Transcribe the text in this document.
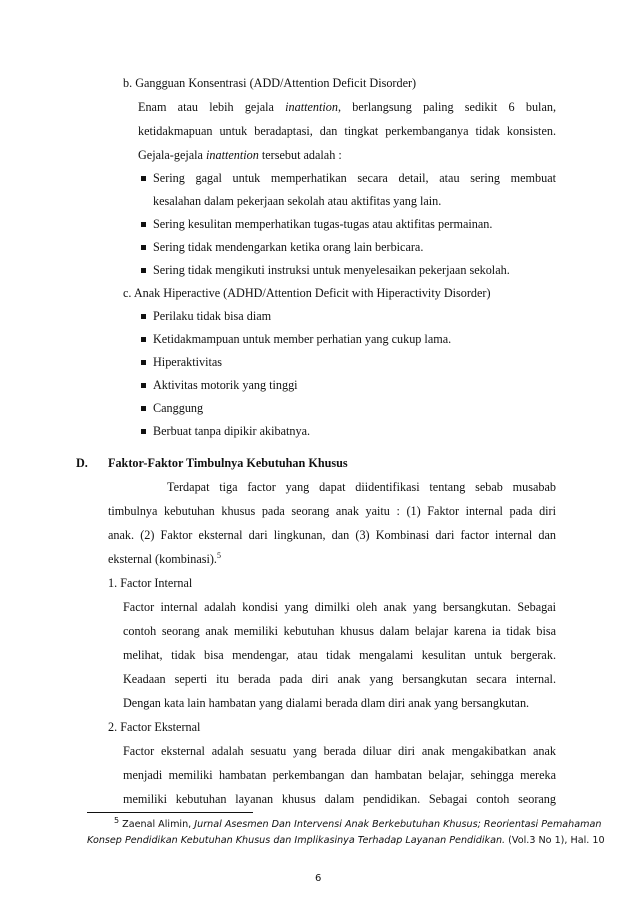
b. Gangguan Konsentrasi (ADD/Attention Deficit Disorder)
Enam atau lebih gejala inattention, berlangsung paling sedikit 6 bulan,
ketidakmapuan untuk beradaptasi, dan tingkat perkembanganya tidak konsisten.
Gejala-gejala inattention tersebut adalah :
Sering gagal untuk memperhatikan secara detail, atau sering membuat
kesalahan dalam pekerjaan sekolah atau aktifitas yang lain.
Sering kesulitan memperhatikan tugas-tugas atau aktifitas permainan.
Sering tidak mendengarkan ketika orang lain berbicara.
Sering tidak mengikuti instruksi untuk menyelesaikan pekerjaan sekolah.
c. Anak Hiperactive (ADHD/Attention Deficit with Hiperactivity Disorder)
Perilaku tidak bisa diam
Ketidakmampuan untuk member perhatian yang cukup lama.
Hiperaktivitas
Aktivitas motorik yang tinggi
Canggung
Berbuat tanpa dipikir akibatnya.
D. Faktor-Faktor Timbulnya Kebutuhan Khusus
Terdapat tiga factor yang dapat diidentifikasi tentang sebab musabab
timbulnya kebutuhan khusus pada seorang anak yaitu : (1) Faktor internal pada diri
anak. (2) Faktor eksternal dari lingkunan, dan (3) Kombinasi dari factor internal dan
eksternal (kombinasi).$^5$
1. Factor Internal
Factor internal adalah kondisi yang dimilki oleh anak yang bersangkutan. Sebagai
contoh seorang anak memiliki kebutuhan khusus dalam belajar karena ia tidak bisa
melihat, tidak bisa mendengar, atau tidak mengalami kesulitan untuk bergerak.
Keadaan seperti itu berada pada diri anak yang bersangkutan secara internal.
Dengan kata lain hambatan yang dialami berada dlam diri anak yang bersangkutan.
2. Factor Eksternal
Factor eksternal adalah sesuatu yang berada diluar diri anak mengakibatkan anak
menjadi memiliki hambatan perkembangan dan hambatan belajar, sehingga mereka
memiliki kebutuhan layanan khusus dalam pendidikan. Sebagai contoh seorang
$^5$ Zaenal Alimin, Jurnal Asesmen Dan Intervensi Anak Berkebutuhan Khusus; Reorientasi Pemahaman
Konsep Pendidikan Kebutuhan Khusus dan Implikasinya Terhadap Layanan Pendidikan. (Vol.3 No 1), Hal. 10
6
